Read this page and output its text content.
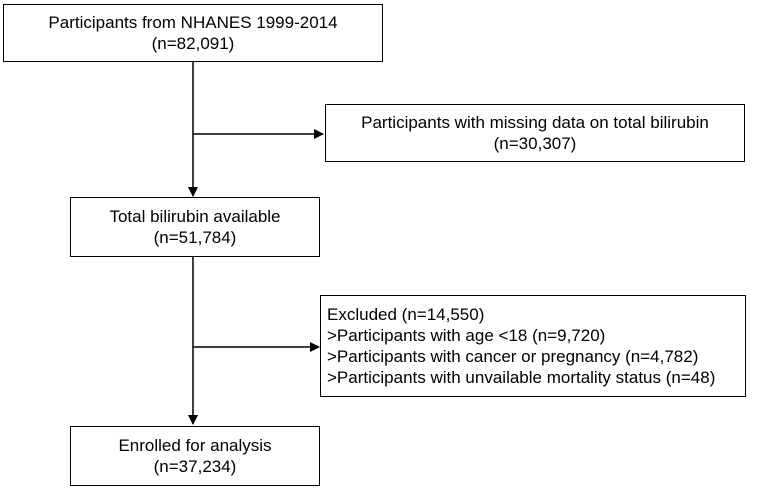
Participants from NHANES 1999-2014
(n=82,091)
Participants with missing data on total bilirubin
(n=30,307)
Total bilirubin available
(n=51,784)
Excluded (n=14,550)
>Participants with age <18 (n=9,720)
>Participants with cancer or pregnancy (n=4,782)
>Participants with unvailable mortality status (n=48)
Enrolled for analysis
(n=37,234)
